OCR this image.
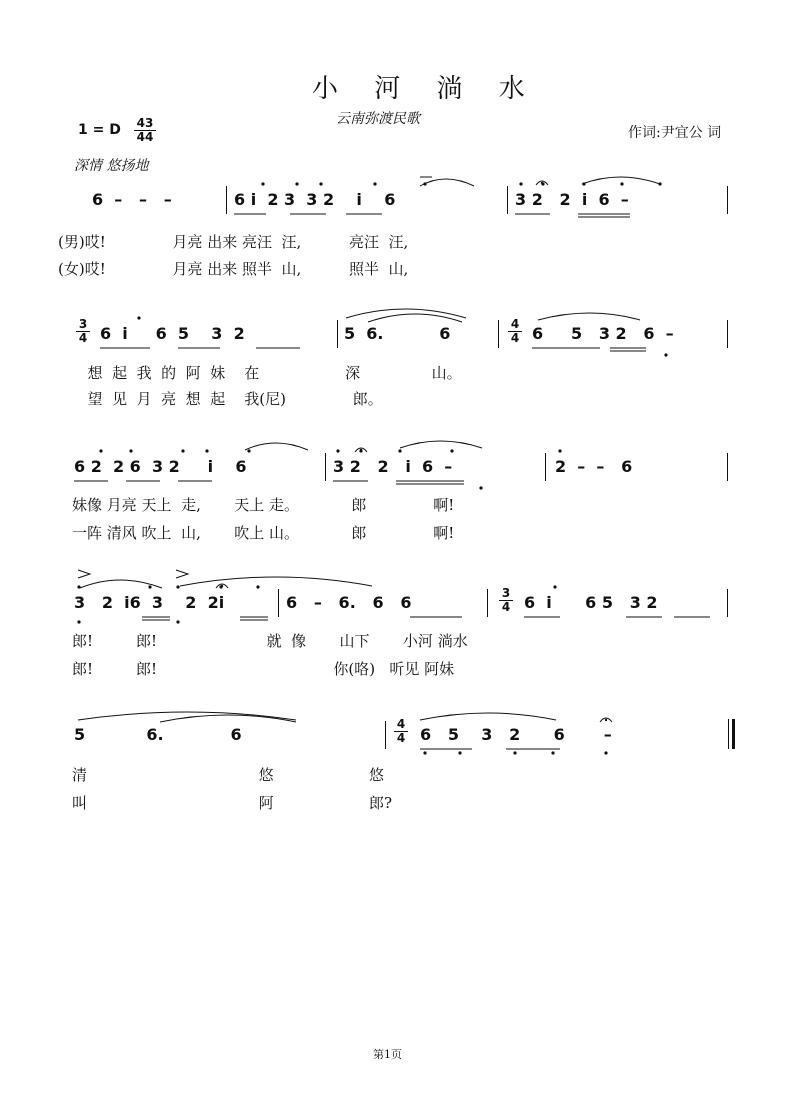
小 河 淌 水
云南弥渡民歌
1 = D $\frac{43}{44}$	作词:尹宜公 词
深情 悠扬地
6  –   –   –	6 i  2 3  3 2    i    6	3 2   2  i  6  –
(男)哎!              月亮 出来 亮汪  汪,          亮汪  汪,
(女)哎!              月亮 出来 照半  山,          照半  山,
$\frac{3}{4} 6$  i     6  5    3  2	5  6.          6	$\frac{4}{4} 6$     5   3 2   6  –
想  起  我  的  阿  妹    在                  深               山。
望  见  月  亮  想  起    我(尼)              郎。
6 2  2 6  3 2     i    6	3 2   2   i  6  –	2  –  –   6
妹像 月亮 天上  走,       天上 走。           郎              啊!
一阵 清风 吹上  山,       吹上 山。           郎              啊!
3   2  i6  3    2  2i	6   –   6.   6   6	$\frac{3}{4} 6$  i      6 5   3 2
郎!         郎!                       就  像       山下       小河 淌水
郎!         郎!                                     你(咯)   听见 阿妹
5           6.            6	$\frac{4}{4} 6$   5    3   2      6       –
清                                    悠                    悠
叫                                    阿                    郎?
第1页
